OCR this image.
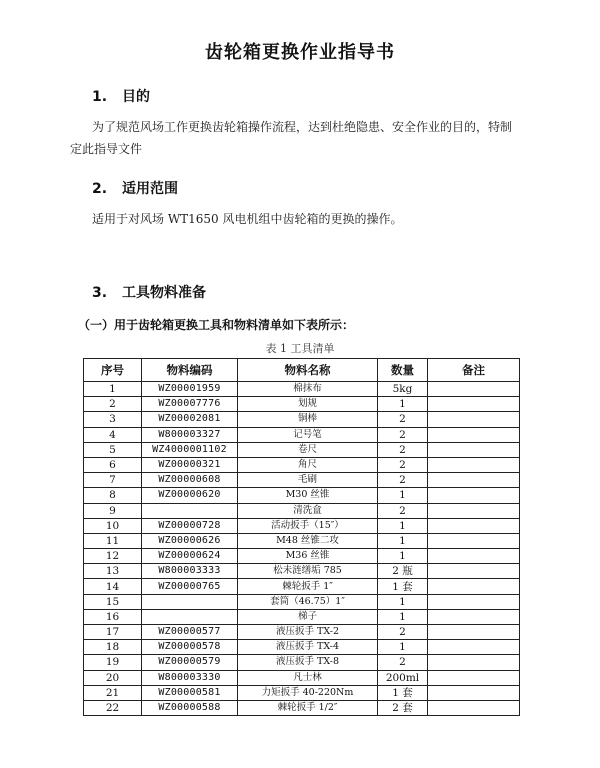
齿轮箱更换作业指导书
1. 目的
为了规范风场工作更换齿轮箱操作流程，达到杜绝隐患、安全作业的目的，特制定此指导文件
2. 适用范围
适用于对风场 WT1650 风电机组中齿轮箱的更换的操作。
3. 工具物料准备
（一）用于齿轮箱更换工具和物料清单如下表所示：
表 1 工具清单
序号	物料编码	物料名称	数量	备注
1	WZ00001959	棉抹布	5kg	
2	WZ00007776	划规	1	
3	WZ00002081	铜棒	2	
4	W800003327	记号笔	2	
5	WZ4000001102	卷尺	2	
6	WZ00000321	角尺	2	
7	WZ00000608	毛刷	2	
8	WZ00000620	M30 丝锥	1	
9		清洗盒	2	
10	WZ00000728	活动扳手（15″）	1	
11	WZ00000626	M48 丝锥二攻	1	
12	WZ00000624	M36 丝锥	1	
13	W800003333	松未涟缮垢 785	2 瓶	
14	WZ00000765	棘轮扳手 1″	1 套	
15		套筒（46.75）1″	1	
16		梯子	1	
17	WZ00000577	液压扳手 TX-2	2	
18	WZ00000578	液压扳手 TX-4	1	
19	WZ00000579	液压扳手 TX-8	2	
20	W800003330	凡士林	200ml	
21	WZ00000581	力矩扳手 40-220Nm	1 套	
22	WZ00000588	棘轮扳手 1/2″	2 套	
